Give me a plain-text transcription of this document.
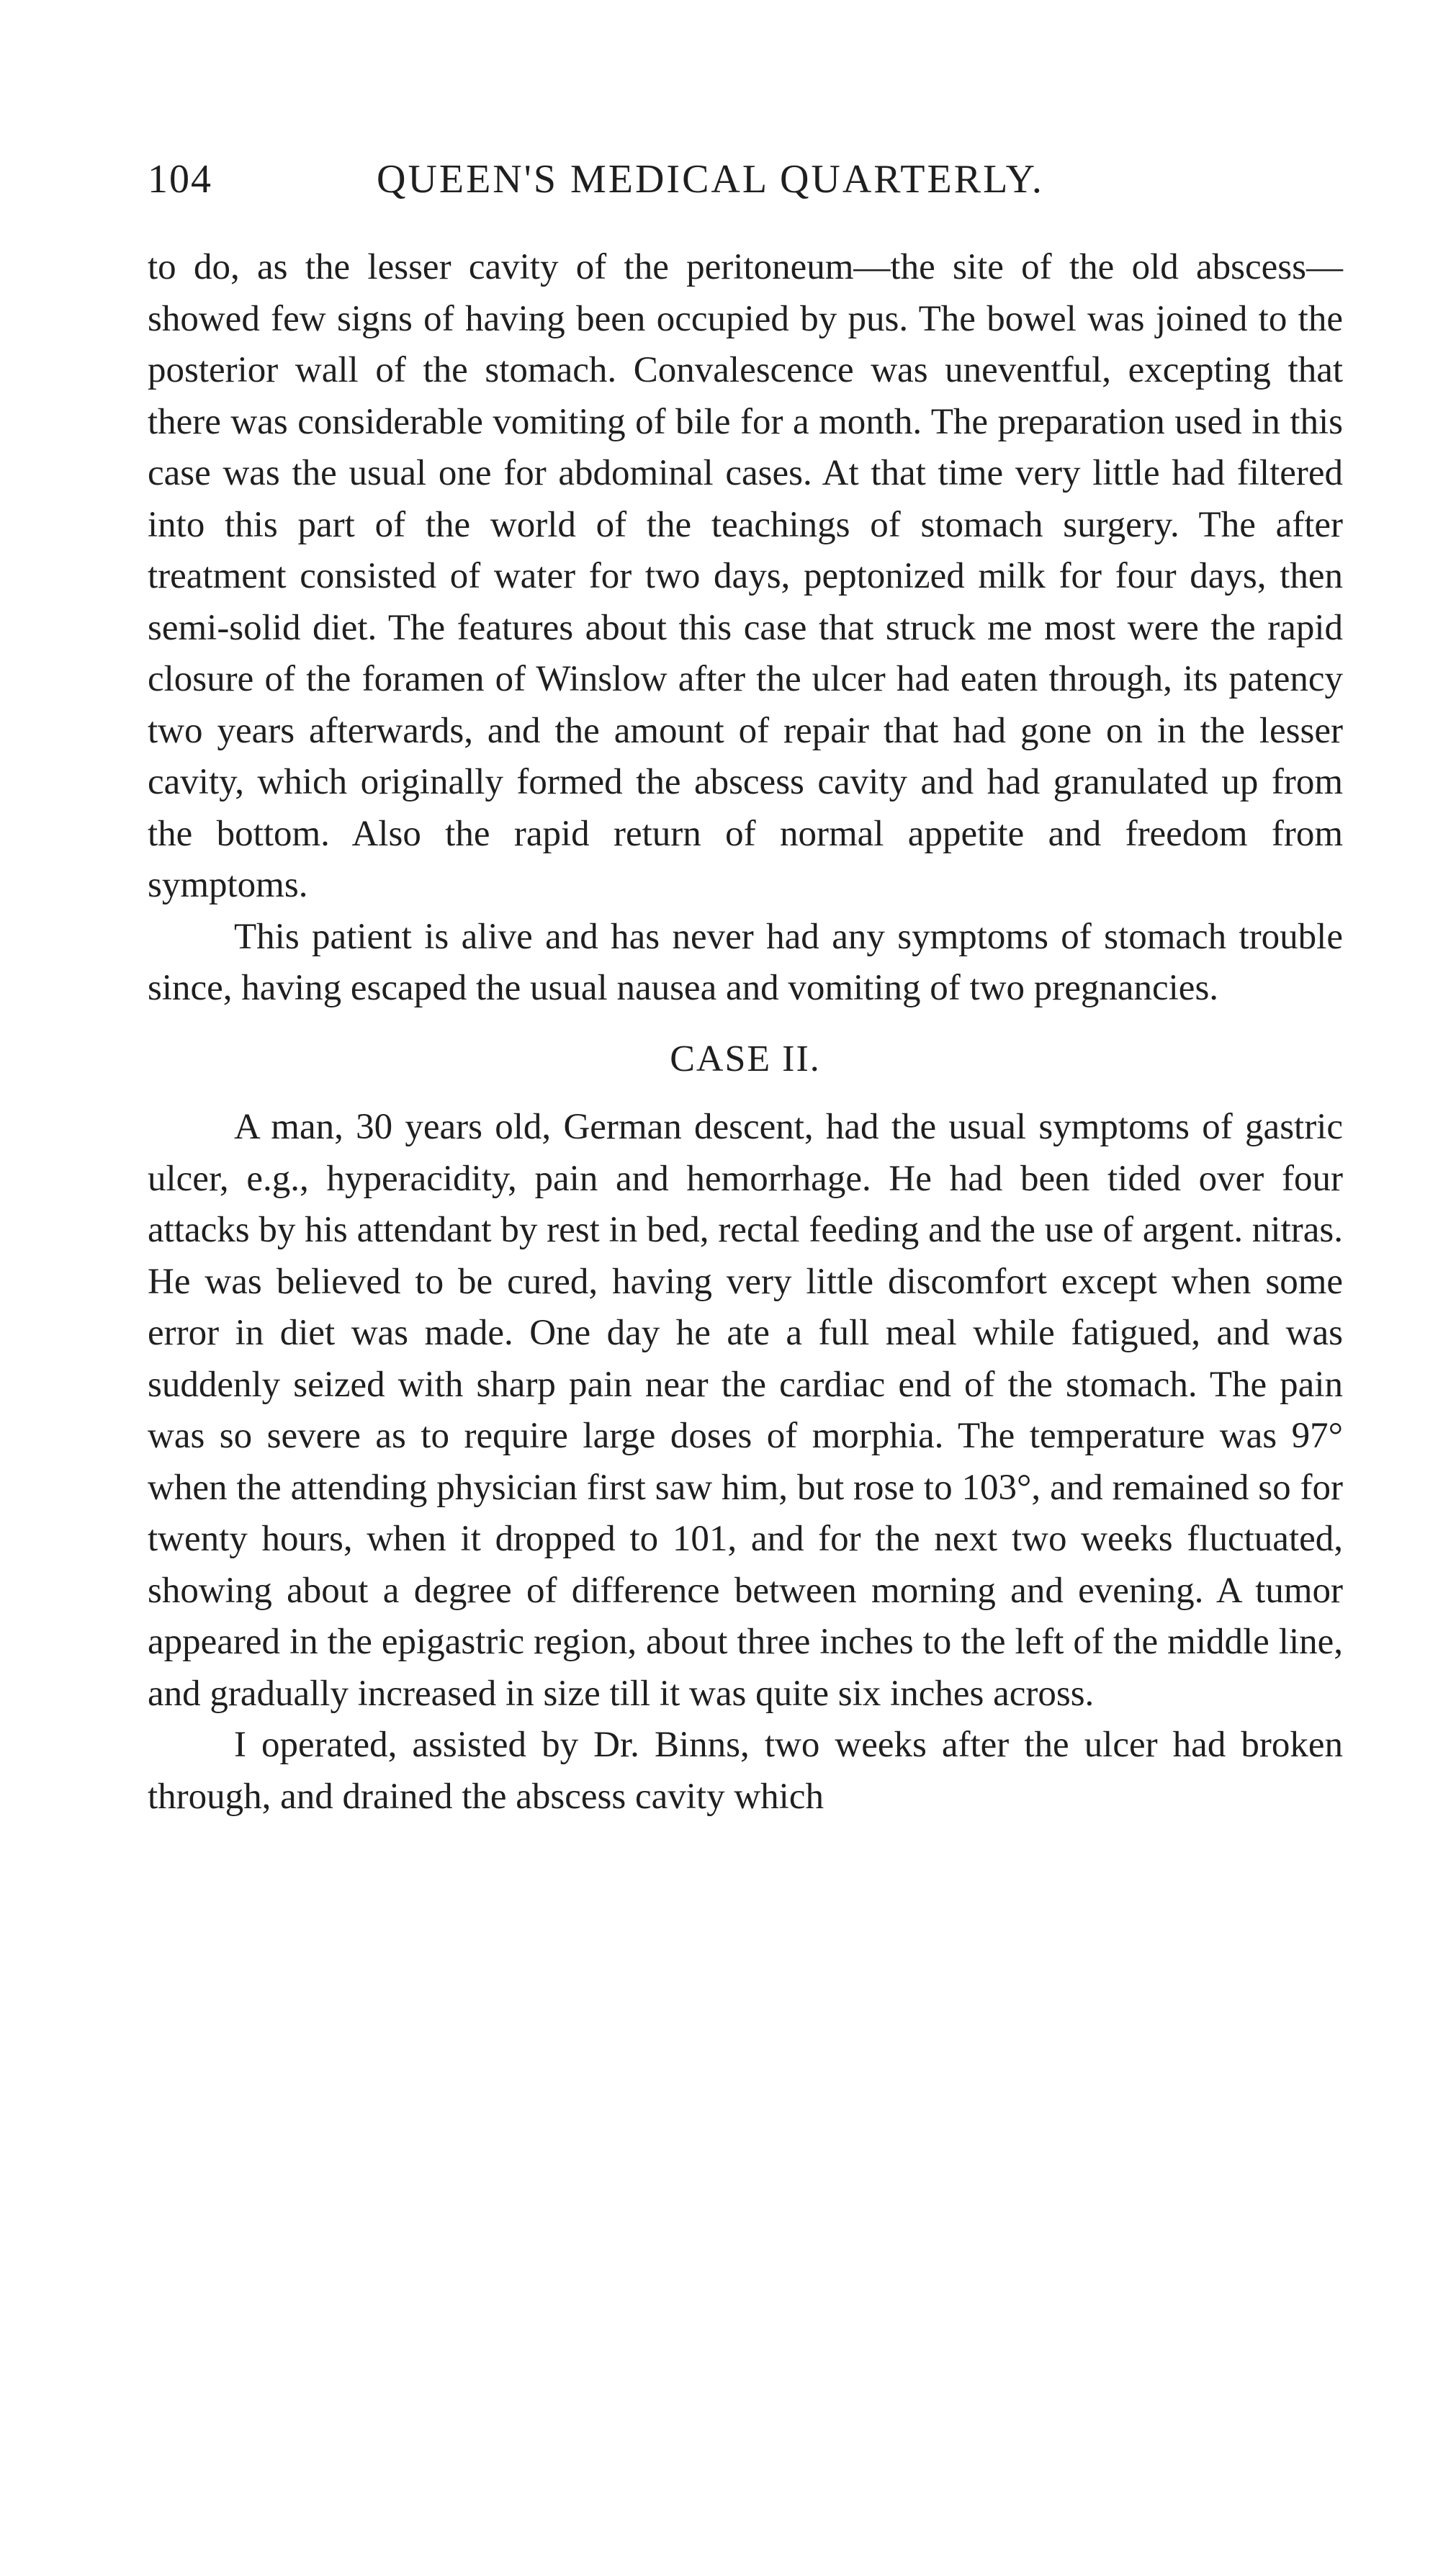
104	QUEEN'S MEDICAL QUARTERLY.

to do, as the lesser cavity of the peritoneum—the site of the old abscess—showed few signs of having been occupied by pus. The bowel was joined to the posterior wall of the stomach. Convalescence was uneventful, excepting that there was considerable vomiting of bile for a month. The preparation used in this case was the usual one for abdominal cases. At that time very little had filtered into this part of the world of the teachings of stomach surgery. The after treatment consisted of water for two days, peptonized milk for four days, then semi-solid diet. The features about this case that struck me most were the rapid closure of the foramen of Winslow after the ulcer had eaten through, its patency two years afterwards, and the amount of repair that had gone on in the lesser cavity, which originally formed the abscess cavity and had granulated up from the bottom. Also the rapid return of normal appetite and freedom from symptoms.

This patient is alive and has never had any symptoms of stomach trouble since, having escaped the usual nausea and vomiting of two pregnancies.

CASE II.

A man, 30 years old, German descent, had the usual symptoms of gastric ulcer, e.g., hyperacidity, pain and hemorrhage. He had been tided over four attacks by his attendant by rest in bed, rectal feeding and the use of argent. nitras. He was believed to be cured, having very little discomfort except when some error in diet was made. One day he ate a full meal while fatigued, and was suddenly seized with sharp pain near the cardiac end of the stomach. The pain was so severe as to require large doses of morphia. The temperature was 97° when the attending physician first saw him, but rose to 103°, and remained so for twenty hours, when it dropped to 101, and for the next two weeks fluctuated, showing about a degree of difference between morning and evening. A tumor appeared in the epigastric region, about three inches to the left of the middle line, and gradually increased in size till it was quite six inches across.

I operated, assisted by Dr. Binns, two weeks after the ulcer had broken through, and drained the abscess cavity which
